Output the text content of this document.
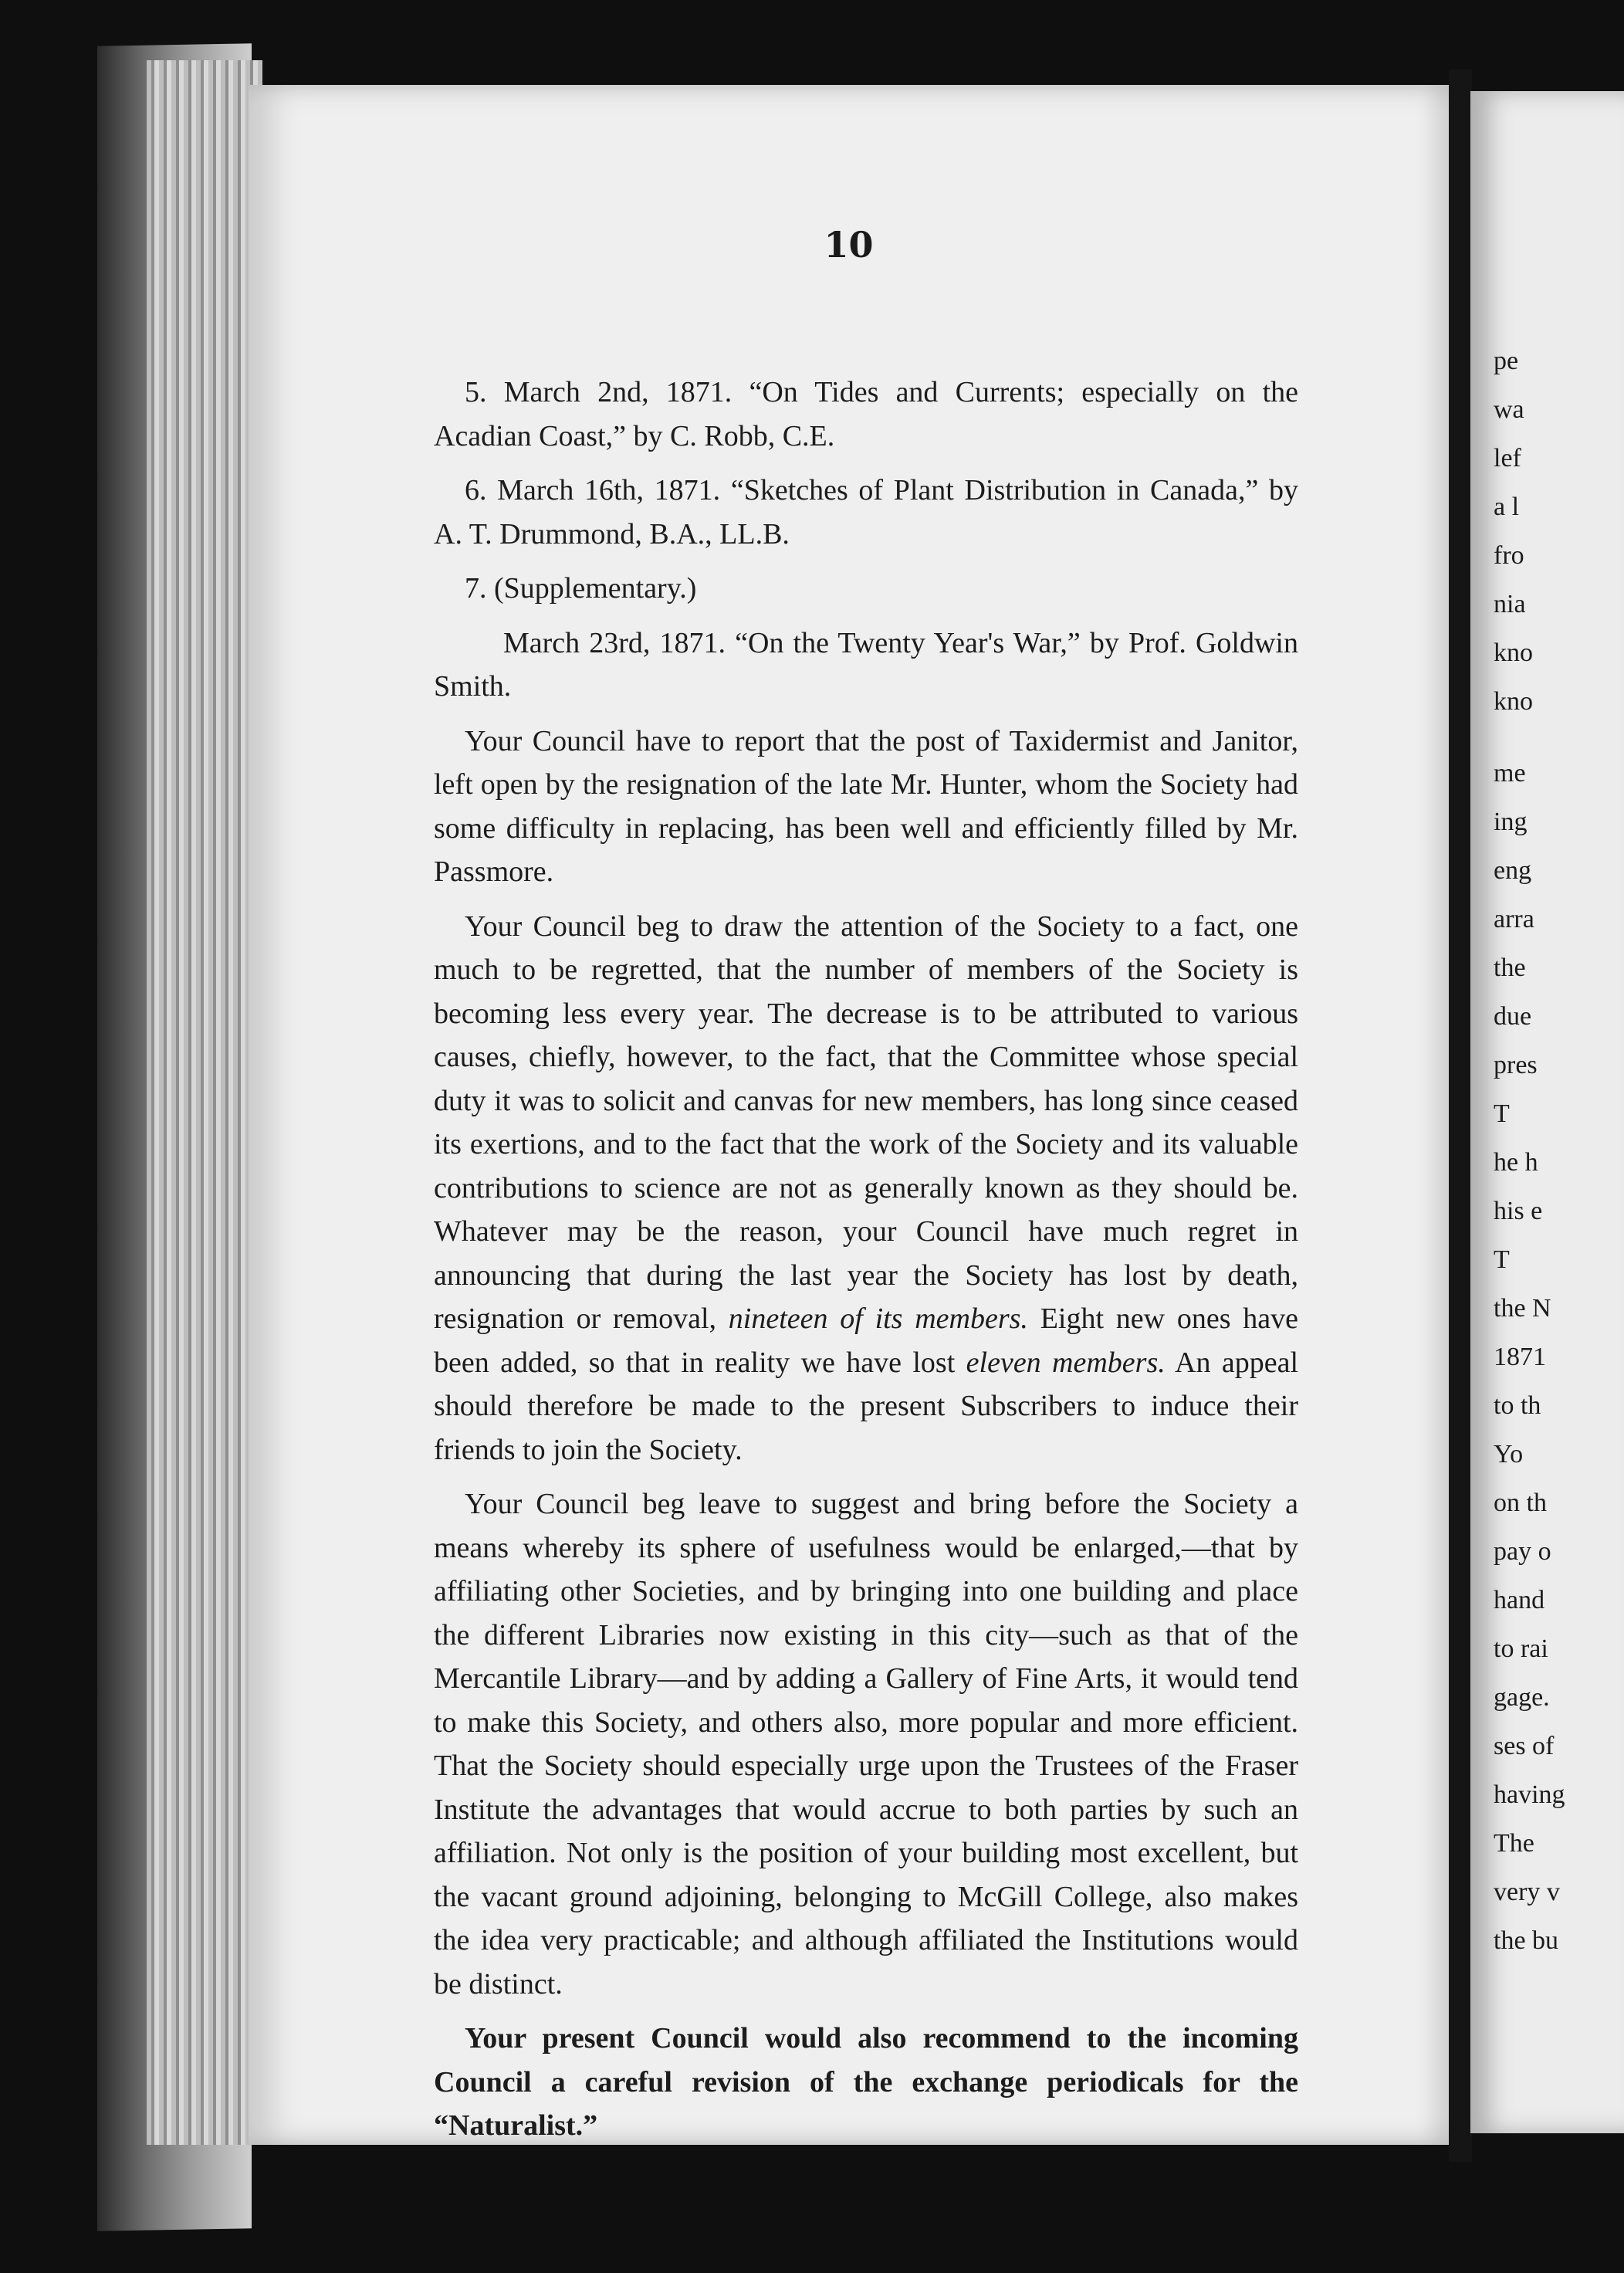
10

5. March 2nd, 1871. “On Tides and Currents; especially on the Acadian Coast,” by C. Robb, C.E.

6. March 16th, 1871. “Sketches of Plant Distribution in Canada,” by A. T. Drummond, B.A., LL.B.

7. (Supplementary.)

March 23rd, 1871. “On the Twenty Year's War,” by Prof. Goldwin Smith.

Your Council have to report that the post of Taxidermist and Janitor, left open by the resignation of the late Mr. Hunter, whom the Society had some difficulty in replacing, has been well and efficiently filled by Mr. Passmore.

Your Council beg to draw the attention of the Society to a fact, one much to be regretted, that the number of members of the Society is becoming less every year. The decrease is to be attributed to various causes, chiefly, however, to the fact, that the Committee whose special duty it was to solicit and canvas for new members, has long since ceased its exertions, and to the fact that the work of the Society and its valuable contributions to science are not as generally known as they should be. Whatever may be the reason, your Council have much regret in announcing that during the last year the Society has lost by death, resignation or removal, nineteen of its members. Eight new ones have been added, so that in reality we have lost eleven members. An appeal should therefore be made to the present Subscribers to induce their friends to join the Society.

Your Council beg leave to suggest and bring before the Society a means whereby its sphere of usefulness would be enlarged,—that by affiliating other Societies, and by bringing into one building and place the different Libraries now existing in this city—such as that of the Mercantile Library—and by adding a Gallery of Fine Arts, it would tend to make this Society, and others also, more popular and more efficient. That the Society should especially urge upon the Trustees of the Fraser Institute the advantages that would accrue to both parties by such an affiliation. Not only is the position of your building most excellent, but the vacant ground adjoining, belonging to McGill College, also makes the idea very practicable; and although affiliated the Institutions would be distinct.

Your present Council would also recommend to the incoming Council a careful revision of the exchange periodicals for the “Naturalist.”

pe
wa
lef
a l
fro
nia
kno
kno
me
ing
eng
arra
the
due
pres
T
he h
his e
T
the N
1871
to th
Yo
on th
pay o
hand
to rai
gage.
ses of
having
The
very v
the bu
